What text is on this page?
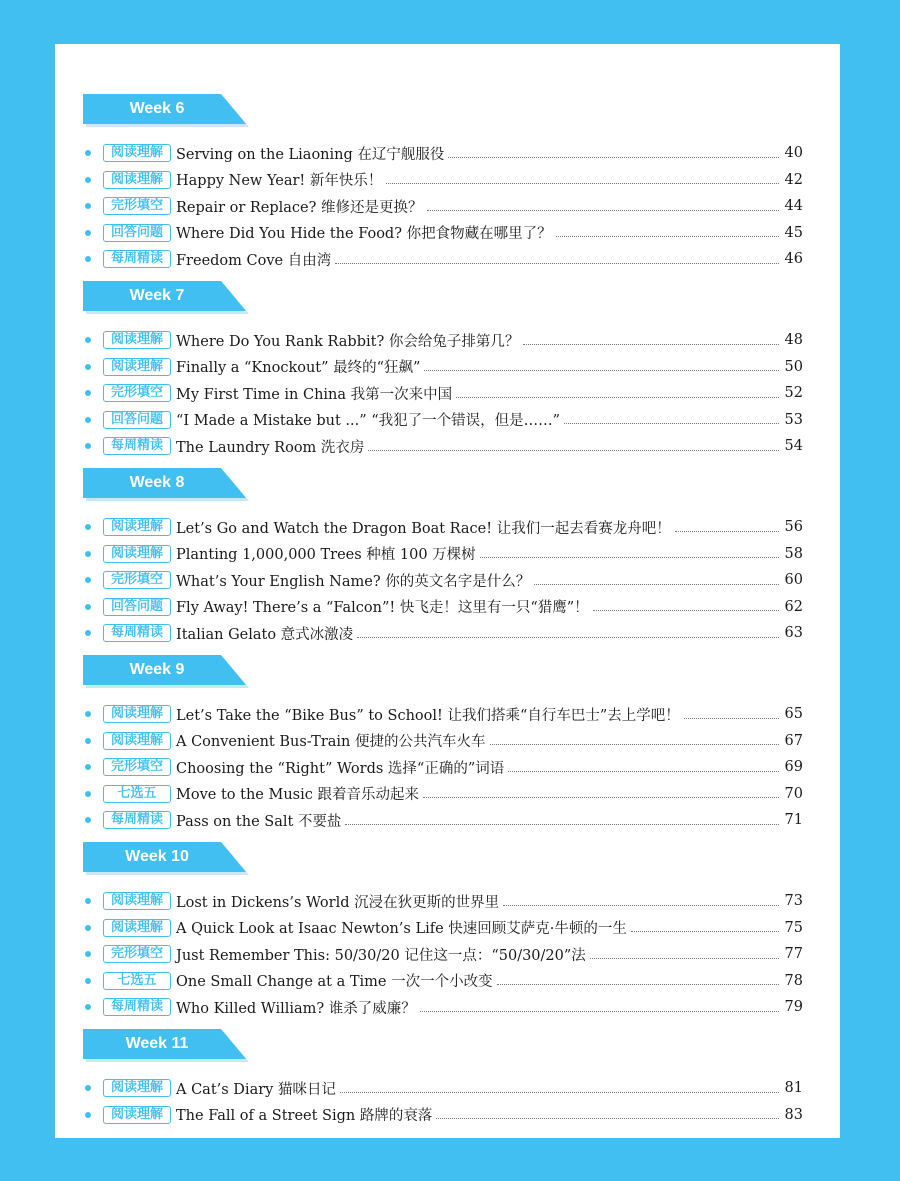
Week 6
阅读理解 Serving on the Liaoning 在辽宁舰服役	40
阅读理解 Happy New Year! 新年快乐！	42
完形填空 Repair or Replace? 维修还是更换？	44
回答问题 Where Did You Hide the Food? 你把食物藏在哪里了？	45
每周精读 Freedom Cove 自由湾	46
Week 7
阅读理解 Where Do You Rank Rabbit? 你会给兔子排第几？	48
阅读理解 Finally a “Knockout” 最终的“狂飙”	50
完形填空 My First Time in China 我第一次来中国	52
回答问题 “I Made a Mistake but ...” “我犯了一个错误，但是……”	53
每周精读 The Laundry Room 洗衣房	54
Week 8
阅读理解 Let’s Go and Watch the Dragon Boat Race! 让我们一起去看赛龙舟吧！	56
阅读理解 Planting 1,000,000 Trees 种植 100 万棵树	58
完形填空 What’s Your English Name? 你的英文名字是什么？	60
回答问题 Fly Away! There’s a “Falcon”! 快飞走！这里有一只“猎鹰”！	62
每周精读 Italian Gelato 意式冰激凌	63
Week 9
阅读理解 Let’s Take the “Bike Bus” to School! 让我们搭乘“自行车巴士”去上学吧！	65
阅读理解 A Convenient Bus-Train 便捷的公共汽车火车	67
完形填空 Choosing the “Right” Words 选择“正确的”词语	69
七选五	Move to the Music 跟着音乐动起来	70
每周精读 Pass on the Salt 不要盐	71
Week 10
阅读理解 Lost in Dickens’s World 沉浸在狄更斯的世界里	73
阅读理解 A Quick Look at Isaac Newton’s Life 快速回顾艾萨克·牛顿的一生	75
完形填空 Just Remember This: 50/30/20 记住这一点：“50/30/20”法	77
七选五	One Small Change at a Time 一次一个小改变	78
每周精读 Who Killed William? 谁杀了威廉？	79
Week 11
阅读理解 A Cat’s Diary 猫咪日记	81
阅读理解 The Fall of a Street Sign 路牌的衰落	83
